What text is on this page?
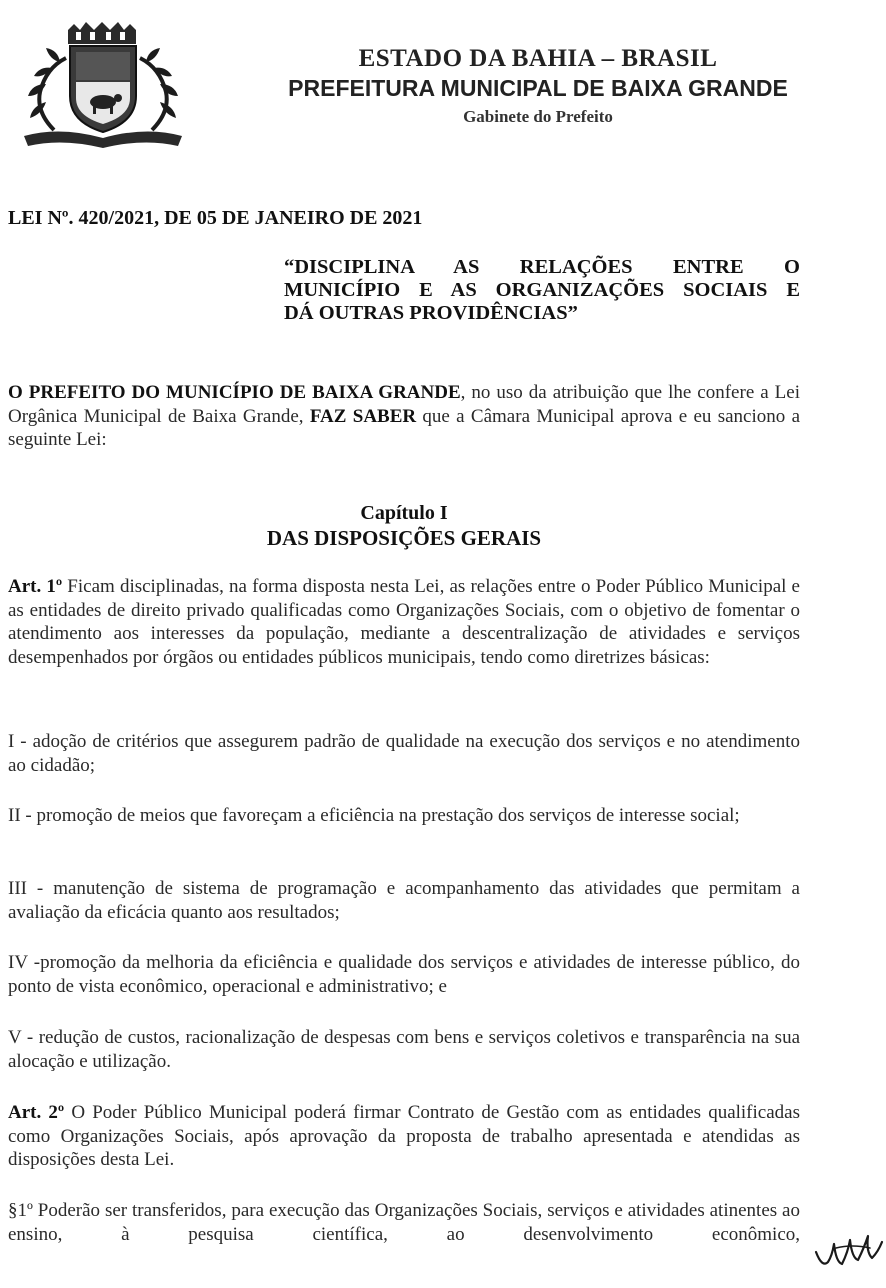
ESTADO DA BAHIA – BRASIL
PREFEITURA MUNICIPAL DE BAIXA GRANDE
Gabinete do Prefeito
LEI Nº. 420/2021, DE 05 DE JANEIRO DE 2021
“DISCIPLINA AS RELAÇÕES ENTRE O
MUNICÍPIO E AS ORGANIZAÇÕES SOCIAIS E
DÁ OUTRAS PROVIDÊNCIAS”
O PREFEITO DO MUNICÍPIO DE BAIXA GRANDE, no uso da atribuição que lhe confere a Lei Orgânica Municipal de Baixa Grande, FAZ SABER que a Câmara Municipal aprova e eu sanciono a seguinte Lei:
Capítulo I
DAS DISPOSIÇÕES GERAIS
Art. 1º Ficam disciplinadas, na forma disposta nesta Lei, as relações entre o Poder Público Municipal e as entidades de direito privado qualificadas como Organizações Sociais, com o objetivo de fomentar o atendimento aos interesses da população, mediante a descentralização de atividades e serviços desempenhados por órgãos ou entidades públicos municipais, tendo como diretrizes básicas:
I - adoção de critérios que assegurem padrão de qualidade na execução dos serviços e no atendimento ao cidadão;
II - promoção de meios que favoreçam a eficiência na prestação dos serviços de interesse social;
III - manutenção de sistema de programação e acompanhamento das atividades que permitam a avaliação da eficácia quanto aos resultados;
IV -promoção da melhoria da eficiência e qualidade dos serviços e atividades de interesse público, do ponto de vista econômico, operacional e administrativo; e
V - redução de custos, racionalização de despesas com bens e serviços coletivos e transparência na sua alocação e utilização.
Art. 2º O Poder Público Municipal poderá firmar Contrato de Gestão com as entidades qualificadas como Organizações Sociais, após aprovação da proposta de trabalho apresentada e atendidas as disposições desta Lei.
§1º Poderão ser transferidos, para execução das Organizações Sociais, serviços e atividades atinentes ao ensino, à pesquisa científica, ao desenvolvimento econômico,
